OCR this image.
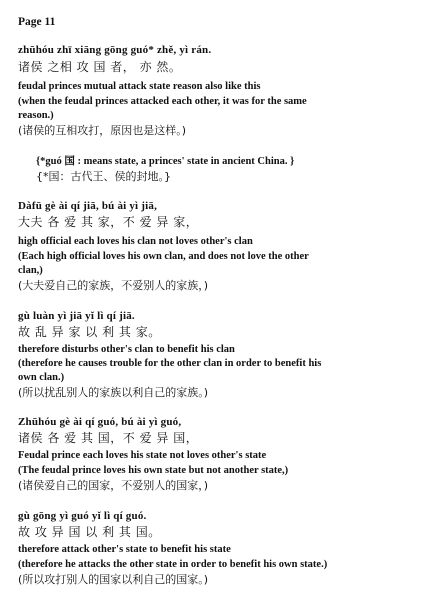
Page 11
zhūhóu zhī xiāng gōng guó* zhě, yì rán.
诸侯 之相 攻 国 者， 亦 然。
feudal princes mutual attack state reason also like this
(when the feudal princes attacked each other, it was for the same
reason.)
(诸侯的互相攻打，原因也是这样。)
{*guó 国 : means state, a princes' state in ancient China. }
{*国：古代王、侯的封地。}
Dàfū gè ài qí jiā, bú ài yì jiā,
大夫 各 爱 其 家，不 爱 异 家，
high official each loves his clan not loves other's clan
(Each high official loves his own clan, and does not love the other
clan,)
(大夫爱自己的家族，不爱别人的家族，)
gù luàn yì jiā yǐ lì qí jiā.
故 乱 异 家 以 利 其 家。
therefore disturbs other's clan to benefit his clan
(therefore he causes trouble for the other clan in order to benefit his
own clan.)
(所以扰乱别人的家族以利自己的家族。)
Zhūhóu gè ài qí guó, bú ài yì guó,
诸侯 各 爱 其 国，不 爱 异 国，
Feudal prince each loves his state not loves other's state
(The feudal prince loves his own state but not another state,)
(诸侯爱自己的国家，不爱别人的国家，)
gù gōng yì guó yǐ lì qí guó.
故 攻 异 国 以 利 其 国。
therefore attack other's state to benefit his state
(therefore he attacks the other state in order to benefit his own state.)
(所以攻打别人的国家以利自己的国家。)
